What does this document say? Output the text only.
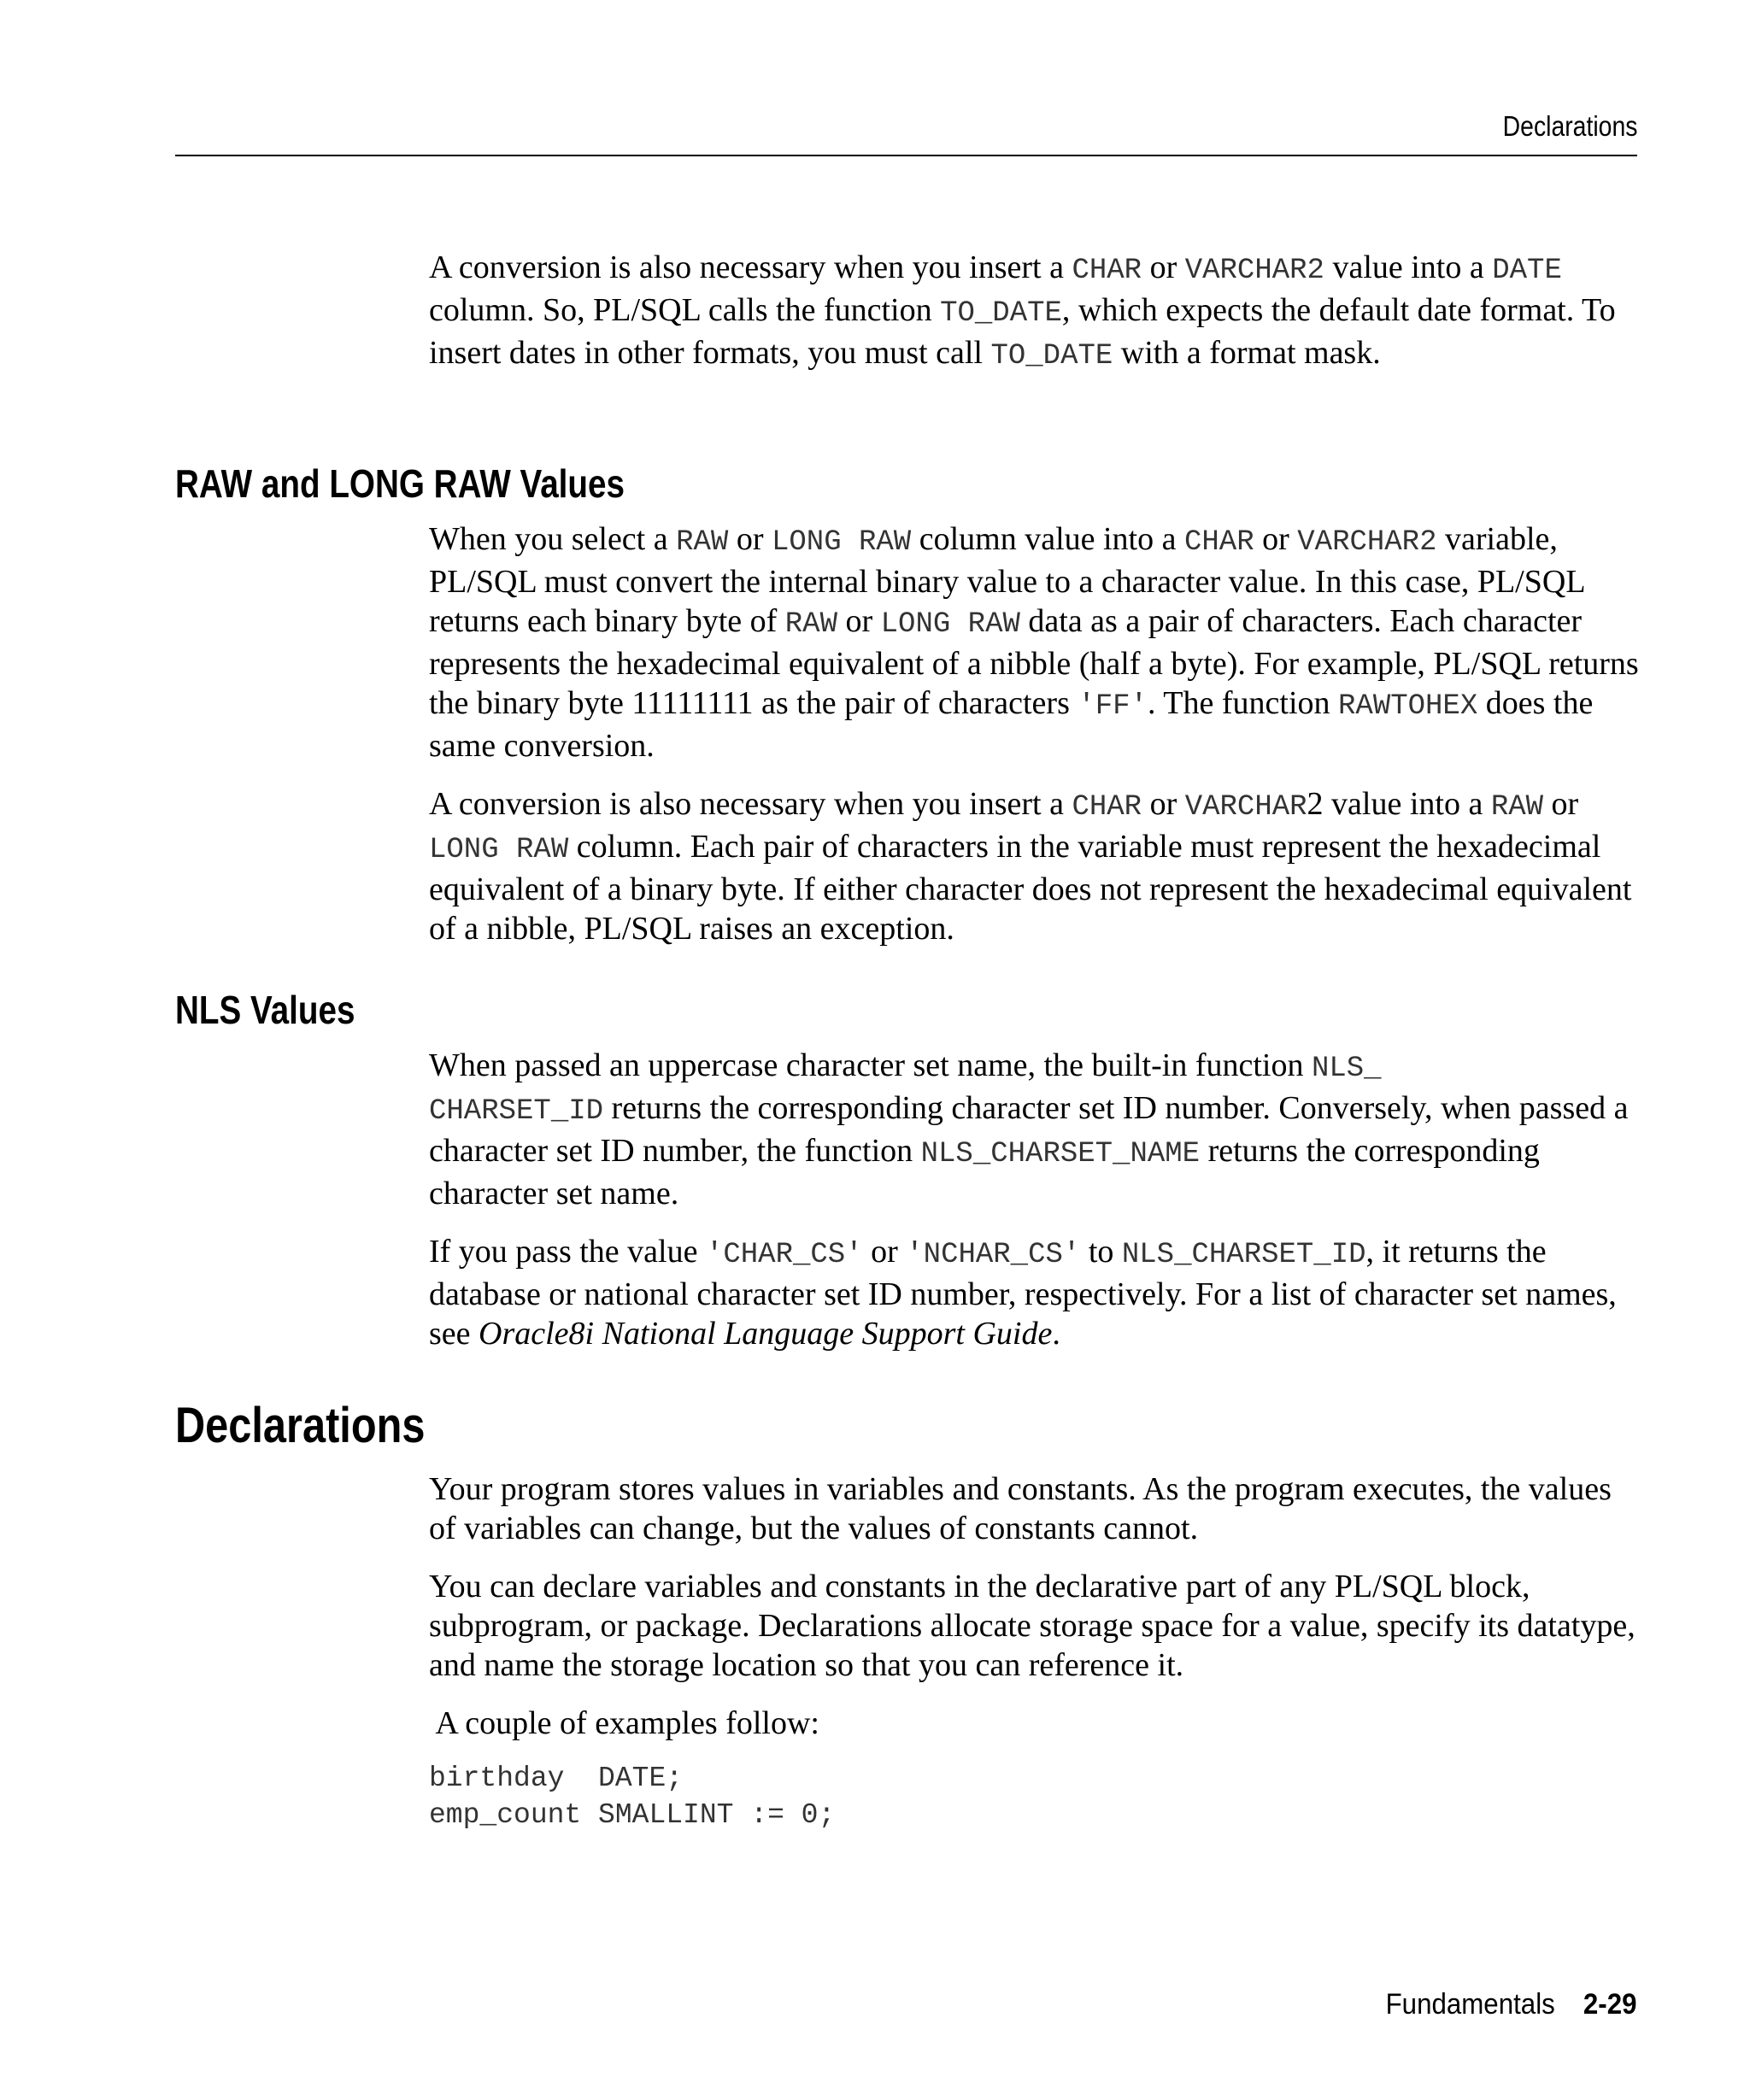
Declarations

A conversion is also necessary when you insert a CHAR or VARCHAR2 value into a DATE column. So, PL/SQL calls the function TO_DATE, which expects the default date format. To insert dates in other formats, you must call TO_DATE with a format mask.

RAW and LONG RAW Values

When you select a RAW or LONG RAW column value into a CHAR or VARCHAR2 variable, PL/SQL must convert the internal binary value to a character value. In this case, PL/SQL returns each binary byte of RAW or LONG RAW data as a pair of characters. Each character represents the hexadecimal equivalent of a nibble (half a byte). For example, PL/SQL returns the binary byte 11111111 as the pair of characters 'FF'. The function RAWTOHEX does the same conversion.

A conversion is also necessary when you insert a CHAR or VARCHAR2 value into a RAW or LONG RAW column. Each pair of characters in the variable must represent the hexadecimal equivalent of a binary byte. If either character does not represent the hexadecimal equivalent of a nibble, PL/SQL raises an exception.

NLS Values

When passed an uppercase character set name, the built-in function NLS_
CHARSET_ID returns the corresponding character set ID number. Conversely, when passed a character set ID number, the function NLS_CHARSET_NAME returns the corresponding character set name.

If you pass the value 'CHAR_CS' or 'NCHAR_CS' to NLS_CHARSET_ID, it returns the database or national character set ID number, respectively. For a list of character set names, see Oracle8i National Language Support Guide.

Declarations

Your program stores values in variables and constants. As the program executes, the values of variables can change, but the values of constants cannot.

You can declare variables and constants in the declarative part of any PL/SQL block, subprogram, or package. Declarations allocate storage space for a value, specify its datatype, and name the storage location so that you can reference it.

A couple of examples follow:

birthday  DATE;
emp_count SMALLINT := 0;
Fundamentals 2-29
